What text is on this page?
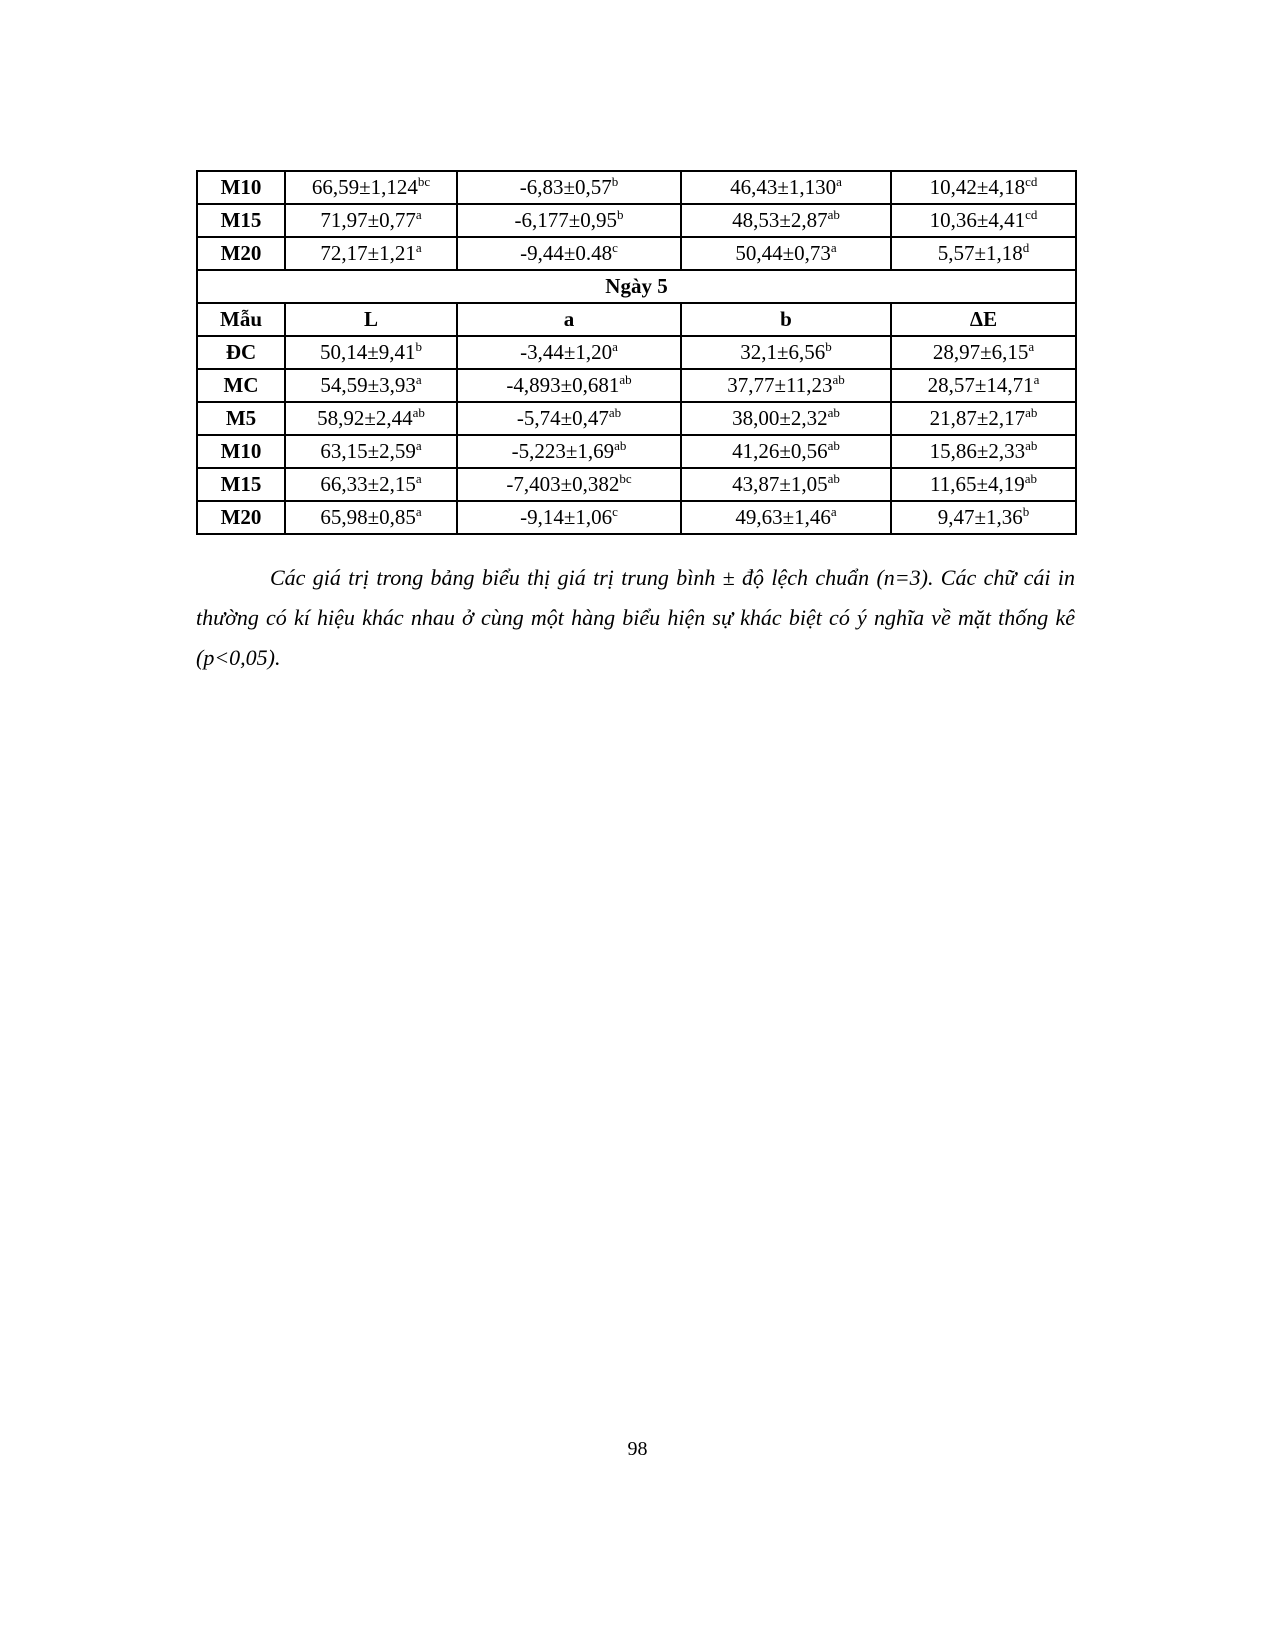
M10	66,59±1,124$^{bc}$	-6,83±0,57$^b$	46,43±1,130$^a$	10,42±4,18$^{cd}$
M15	71,97±0,77$^a$	-6,177±0,95$^b$	48,53±2,87$^{ab}$	10,36±4,41$^{cd}$
M20	72,17±1,21$^a$	-9,44±0.48$^c$	50,44±0,73$^a$	5,57±1,18$^d$
Ngày 5				
Mẫu	L	a	b	ΔE
ĐC	50,14±9,41$^b$	-3,44±1,20$^a$	32,1±6,56$^b$	28,97±6,15$^a$
MC	54,59±3,93$^a$	-4,893±0,681$^{ab}$	37,77±11,23$^{ab}$	28,57±14,71$^a$
M5	58,92±2,44$^{ab}$	-5,74±0,47$^{ab}$	38,00±2,32$^{ab}$	21,87±2,17$^{ab}$
M10	63,15±2,59$^a$	-5,223±1,69$^{ab}$	41,26±0,56$^{ab}$	15,86±2,33$^{ab}$
M15	66,33±2,15$^a$	-7,403±0,382$^{bc}$	43,87±1,05$^{ab}$	11,65±4,19$^{ab}$
M20	65,98±0,85$^a$	-9,14±1,06$^c$	49,63±1,46$^a$	9,47±1,36$^b$

Các giá trị trong bảng biểu thị giá trị trung bình ± độ lệch chuẩn (n=3). Các chữ cái in thường có kí hiệu khác nhau ở cùng một hàng biểu hiện sự khác biệt có ý nghĩa về mặt thống kê (p<0,05).

98
